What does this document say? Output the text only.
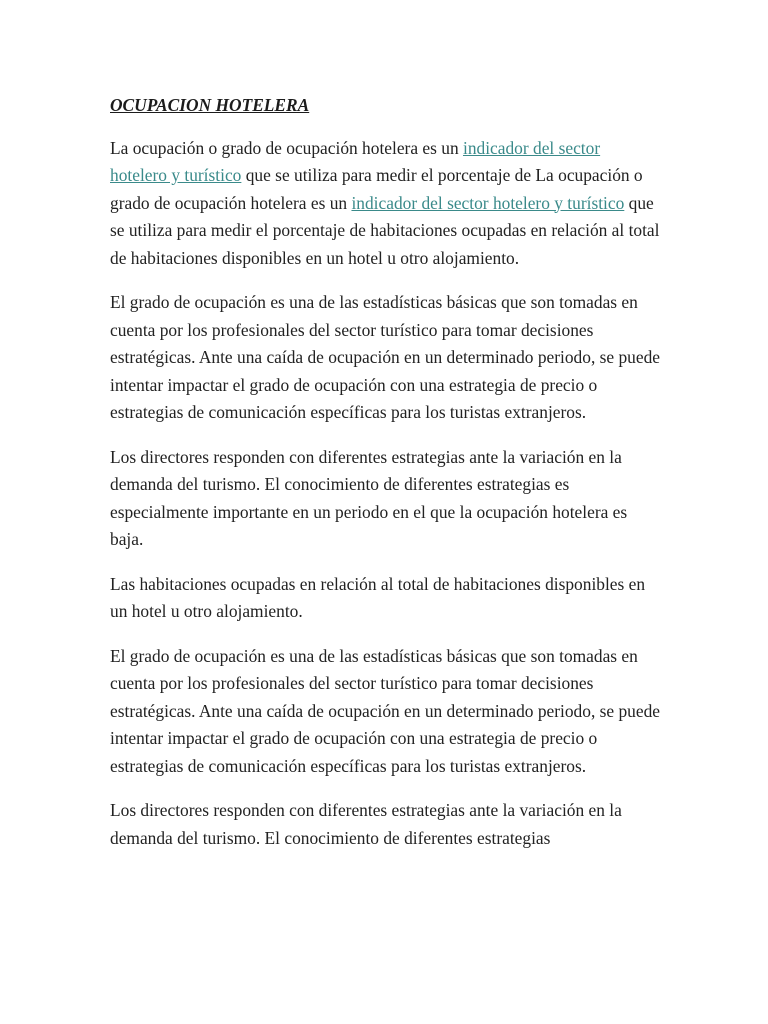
OCUPACION HOTELERA

La ocupación o grado de ocupación hotelera es un indicador del sector hotelero y turístico que se utiliza para medir el porcentaje de La ocupación o grado de ocupación hotelera es un indicador del sector hotelero y turístico que se utiliza para medir el porcentaje de habitaciones ocupadas en relación al total de habitaciones disponibles en un hotel u otro alojamiento.

El grado de ocupación es una de las estadísticas básicas que son tomadas en cuenta por los profesionales del sector turístico para tomar decisiones estratégicas. Ante una caída de ocupación en un determinado periodo, se puede intentar impactar el grado de ocupación con una estrategia de precio o estrategias de comunicación específicas para los turistas extranjeros.

Los directores responden con diferentes estrategias ante la variación en la demanda del turismo. El conocimiento de diferentes estrategias es especialmente importante en un periodo en el que la ocupación hotelera es baja.

Las habitaciones ocupadas en relación al total de habitaciones disponibles en un hotel u otro alojamiento.

El grado de ocupación es una de las estadísticas básicas que son tomadas en cuenta por los profesionales del sector turístico para tomar decisiones estratégicas. Ante una caída de ocupación en un determinado periodo, se puede intentar impactar el grado de ocupación con una estrategia de precio o estrategias de comunicación específicas para los turistas extranjeros.

Los directores responden con diferentes estrategias ante la variación en la demanda del turismo. El conocimiento de diferentes estrategias
